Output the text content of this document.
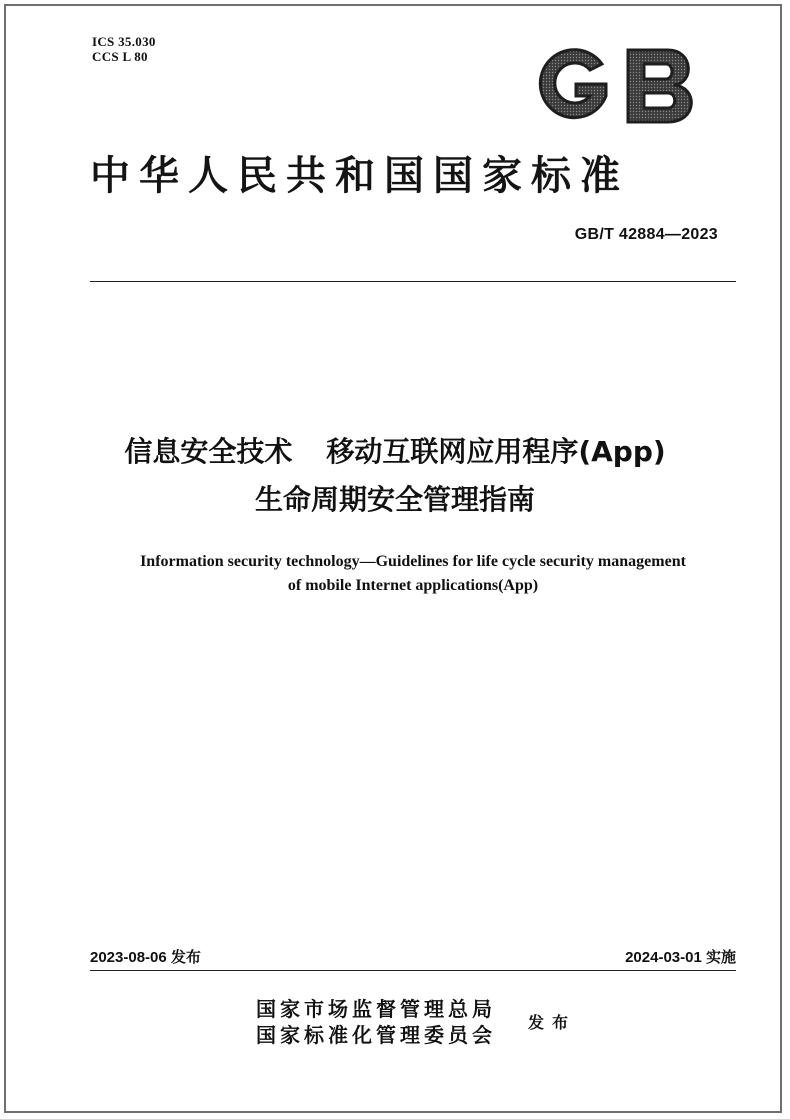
ICS 35.030
CCS L 80
中华人民共和国国家标准
GB/T 42884—2023
信息安全技术 移动互联网应用程序(App)
生命周期安全管理指南
Information security technology—Guidelines for life cycle security management
of mobile Internet applications(App)
2023-08-06 发布	2024-03-01 实施
国家市场监督管理总局
国家标准化管理委员会
发布
